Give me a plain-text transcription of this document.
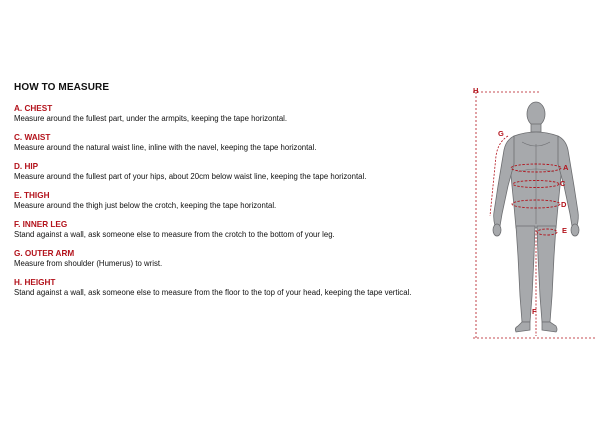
HOW TO MEASURE
A. CHEST
Measure around the fullest part, under the armpits, keeping the tape horizontal.
C. WAIST
Measure around the natural waist line, inline with the navel, keeping the tape horizontal.
D. HIP
Measure around the fullest part of your hips, about 20cm below waist line, keeping the tape horizontal.
E. THIGH
Measure around the thigh just below the crotch, keeping the tape horizontal.
F. INNER LEG
Stand against a wall, ask someone else to measure from the crotch to the bottom of your leg.
G. OUTER ARM
Measure from shoulder (Humerus) to wrist.
H. HEIGHT
Stand against a wall, ask someone else to measure from the floor to the top of your head, keeping the tape vertical.
H
G
A
C
D
E
F
